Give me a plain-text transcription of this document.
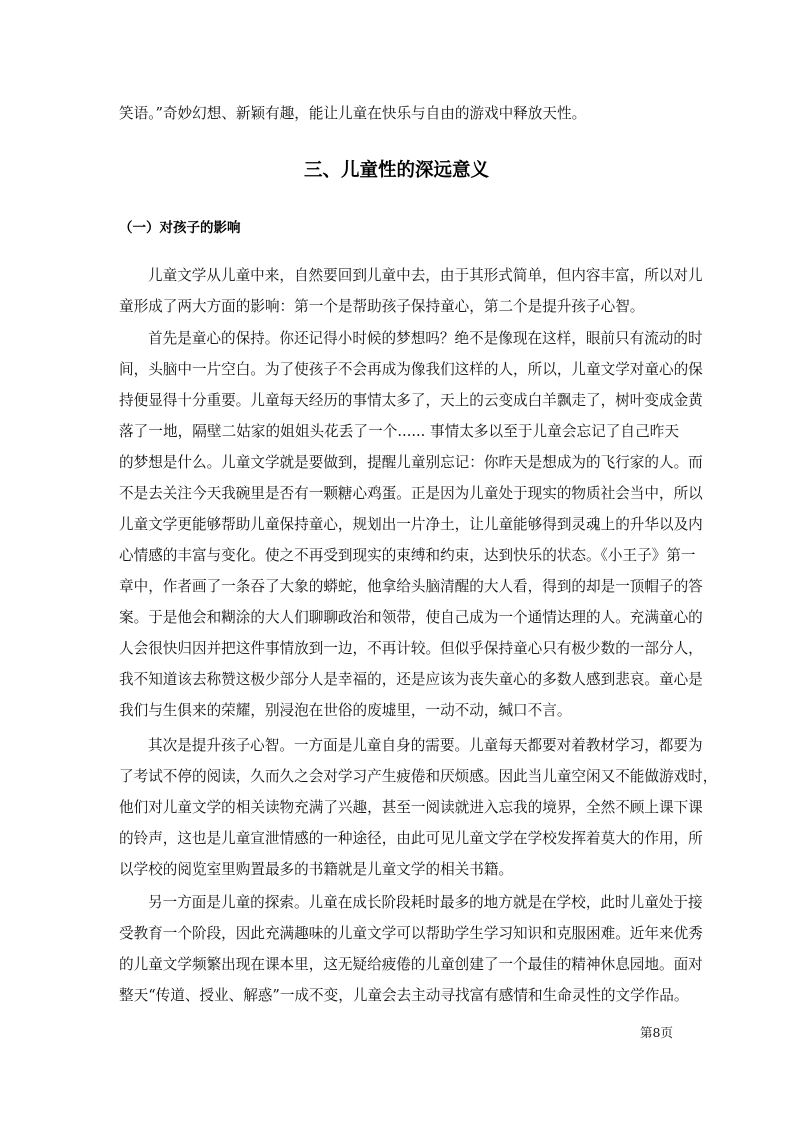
笑语。”奇妙幻想、新颖有趣，能让儿童在快乐与自由的游戏中释放天性。
三、儿童性的深远意义
（一）对孩子的影响
儿童文学从儿童中来，自然要回到儿童中去，由于其形式简单，但内容丰富，所以对儿
童形成了两大方面的影响：第一个是帮助孩子保持童心，第二个是提升孩子心智。
首先是童心的保持。你还记得小时候的梦想吗？绝不是像现在这样，眼前只有流动的时
间，头脑中一片空白。为了使孩子不会再成为像我们这样的人，所以，儿童文学对童心的保
持便显得十分重要。儿童每天经历的事情太多了，天上的云变成白羊飘走了，树叶变成金黄
落了一地，隔壁二姑家的姐姐头花丢了一个...... 事情太多以至于儿童会忘记了自己昨天
的梦想是什么。儿童文学就是要做到，提醒儿童别忘记：你昨天是想成为的飞行家的人。而
不是去关注今天我碗里是否有一颗糖心鸡蛋。正是因为儿童处于现实的物质社会当中，所以
儿童文学更能够帮助儿童保持童心，规划出一片净土，让儿童能够得到灵魂上的升华以及内
心情感的丰富与变化。使之不再受到现实的束缚和约束，达到快乐的状态。《小王子》第一
章中，作者画了一条吞了大象的蟒蛇，他拿给头脑清醒的大人看，得到的却是一顶帽子的答
案。于是他会和糊涂的大人们聊聊政治和领带，使自己成为一个通情达理的人。充满童心的
人会很快归因并把这件事情放到一边，不再计较。但似乎保持童心只有极少数的一部分人，
我不知道该去称赞这极少部分人是幸福的，还是应该为丧失童心的多数人感到悲哀。童心是
我们与生俱来的荣耀，别浸泡在世俗的废墟里，一动不动，缄口不言。
其次是提升孩子心智。一方面是儿童自身的需要。儿童每天都要对着教材学习，都要为
了考试不停的阅读，久而久之会对学习产生疲倦和厌烦感。因此当儿童空闲又不能做游戏时，
他们对儿童文学的相关读物充满了兴趣，甚至一阅读就进入忘我的境界，全然不顾上课下课
的铃声，这也是儿童宣泄情感的一种途径，由此可见儿童文学在学校发挥着莫大的作用，所
以学校的阅览室里购置最多的书籍就是儿童文学的相关书籍。
另一方面是儿童的探索。儿童在成长阶段耗时最多的地方就是在学校，此时儿童处于接
受教育一个阶段，因此充满趣味的儿童文学可以帮助学生学习知识和克服困难。近年来优秀
的儿童文学频繁出现在课本里，这无疑给疲倦的儿童创建了一个最佳的精神休息园地。面对
整天“传道、授业、解惑”一成不变，儿童会去主动寻找富有感情和生命灵性的文学作品。
第8页
